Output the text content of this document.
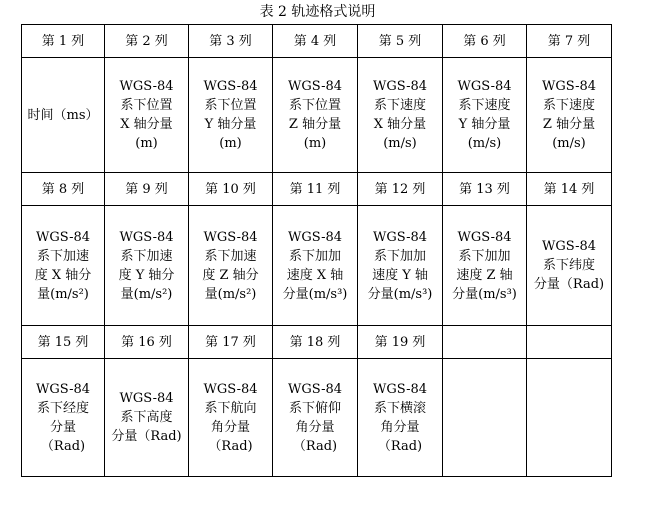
表 2 轨迹格式说明
第 1 列	第 2 列	第 3 列	第 4 列	第 5 列	第 6 列	第 7 列
时间（ms）	WGS-84
系下位置
X 轴分量
(m)	WGS-84
系下位置
Y 轴分量
(m)	WGS-84
系下位置
Z 轴分量
(m)	WGS-84
系下速度
X 轴分量
(m/s)	WGS-84
系下速度
Y 轴分量
(m/s)	WGS-84
系下速度
Z 轴分量
(m/s)
第 8 列	第 9 列	第 10 列	第 11 列	第 12 列	第 13 列	第 14 列
WGS-84
系下加速
度 X 轴分
量(m/s²)	WGS-84
系下加速
度 Y 轴分
量(m/s²)	WGS-84
系下加速
度 Z 轴分
量(m/s²)	WGS-84
系下加加
速度 X 轴
分量(m/s³)	WGS-84
系下加加
速度 Y 轴
分量(m/s³)	WGS-84
系下加加
速度 Z 轴
分量(m/s³)	WGS-84
系下纬度
分量（Rad)
第 15 列	第 16 列	第 17 列	第 18 列	第 19 列		
WGS-84
系下经度
分量
（Rad)	WGS-84
系下高度
分量（Rad)	WGS-84
系下航向
角分量
（Rad)	WGS-84
系下俯仰
角分量
（Rad)	WGS-84
系下横滚
角分量
（Rad)		
